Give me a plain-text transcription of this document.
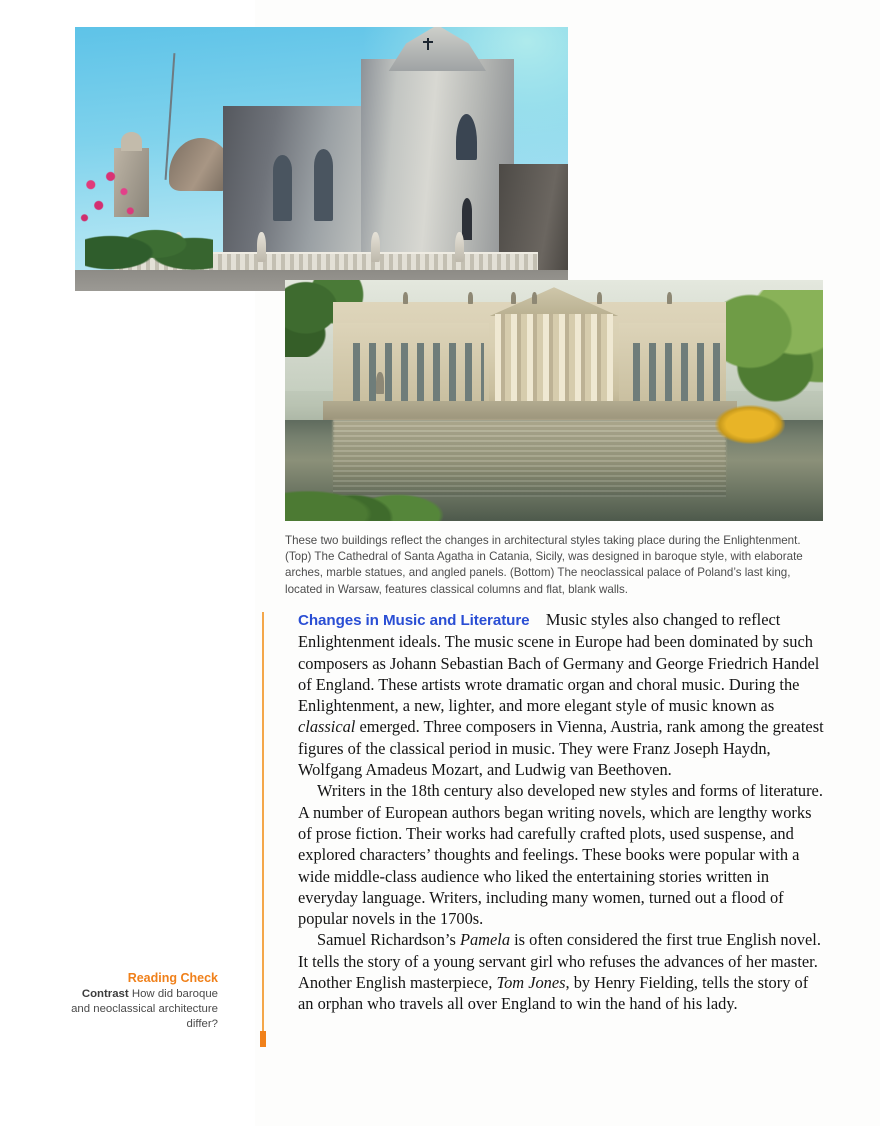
These two buildings reflect the changes in architectural styles taking place during the Enlightenment. (Top) The Cathedral of Santa Agatha in Catania, Sicily, was designed in baroque style, with elaborate arches, marble statues, and angled panels. (Bottom) The neoclassical palace of Poland’s last king, located in Warsaw, features classical columns and flat, blank walls.
Reading Check
Contrast How did baroque and neoclassical architecture differ?

Changes in Music and Literature   Music styles also changed to reflect Enlightenment ideals. The music scene in Europe had been dominated by such composers as Johann Sebastian Bach of Germany and George Friedrich Handel of England. These artists wrote dramatic organ and choral music. During the Enlightenment, a new, lighter, and more elegant style of music known as classical emerged. Three composers in Vienna, Austria, rank among the greatest figures of the classical period in music. They were Franz Joseph Haydn, Wolfgang Amadeus Mozart, and Ludwig van Beethoven.

Writers in the 18th century also developed new styles and forms of literature. A number of European authors began writing novels, which are lengthy works of prose fiction. Their works had carefully crafted plots, used suspense, and explored characters’ thoughts and feelings. These books were popular with a wide middle-class audience who liked the entertaining stories written in everyday language. Writers, including many women, turned out a flood of popular novels in the 1700s.

Samuel Richardson’s Pamela is often considered the first true English novel. It tells the story of a young servant girl who refuses the advances of her master. Another English masterpiece, Tom Jones, by Henry Fielding, tells the story of an orphan who travels all over England to win the hand of his lady.
